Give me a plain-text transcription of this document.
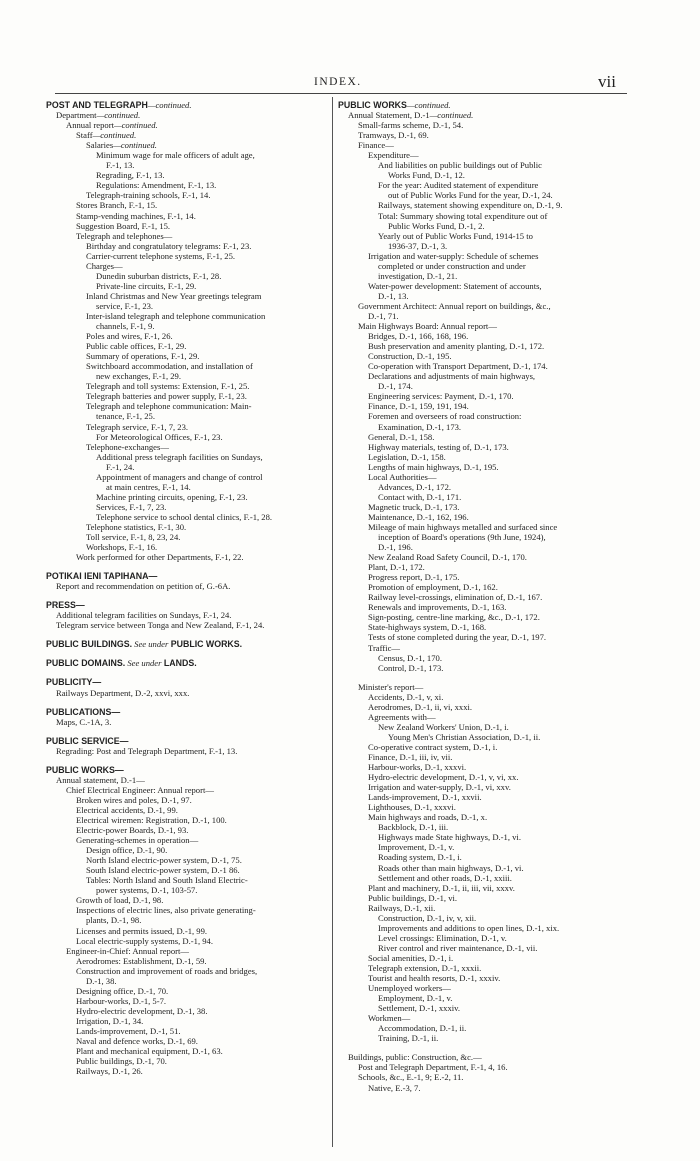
INDEX.	vii
POST AND TELEGRAPH—continued.
Department—continued.
Annual report—continued.
Staff—continued.
Salaries—continued.
Minimum wage for male officers of adult age,
F.-1, 13.
Regrading, F.-1, 13.
Regulations: Amendment, F.-1, 13.
Telegraph-training schools, F.-1, 14.
Stores Branch, F.-1, 15.
Stamp-vending machines, F.-1, 14.
Suggestion Board, F.-1, 15.
Telegraph and telephones—
Birthday and congratulatory telegrams: F.-1, 23.
Carrier-current telephone systems, F.-1, 25.
Charges—
Dunedin suburban districts, F.-1, 28.
Private-line circuits, F.-1, 29.
Inland Christmas and New Year greetings telegram
service, F.-1, 23.
Inter-island telegraph and telephone communication
channels, F.-1, 9.
Poles and wires, F.-1, 26.
Public cable offices, F.-1, 29.
Summary of operations, F.-1, 29.
Switchboard accommodation, and installation of
new exchanges, F.-1, 29.
Telegraph and toll systems: Extension, F.-1, 25.
Telegraph batteries and power supply, F.-1, 23.
Telegraph and telephone communication: Main-
tenance, F.-1, 25.
Telegraph service, F.-1, 7, 23.
For Meteorological Offices, F.-1, 23.
Telephone-exchanges—
Additional press telegraph facilities on Sundays,
F.-1, 24.
Appointment of managers and change of control
at main centres, F.-1, 14.
Machine printing circuits, opening, F.-1, 23.
Services, F.-1, 7, 23.
Telephone service to school dental clinics, F.-1, 28.
Telephone statistics, F.-1, 30.
Toll service, F.-1, 8, 23, 24.
Workshops, F.-1, 16.
Work performed for other Departments, F.-1, 22.
POTIKAI IENI TAPIHANA—
Report and recommendation on petition of, G.-6A.
PRESS—
Additional telegram facilities on Sundays, F.-1, 24.
Telegram service between Tonga and New Zealand, F.-1, 24.
PUBLIC BUILDINGS. See under PUBLIC WORKS.
PUBLIC DOMAINS. See under LANDS.
PUBLICITY—
Railways Department, D.-2, xxvi, xxx.
PUBLICATIONS—
Maps, C.-1A, 3.
PUBLIC SERVICE—
Regrading: Post and Telegraph Department, F.-1, 13.
PUBLIC WORKS—
Annual statement, D.-1—
Chief Electrical Engineer: Annual report—
Broken wires and poles, D.-1, 97.
Electrical accidents, D.-1, 99.
Electrical wiremen: Registration, D.-1, 100.
Electric-power Boards, D.-1, 93.
Generating-schemes in operation—
Design office, D.-1, 90.
North Island electric-power system, D.-1, 75.
South Island electric-power system, D.-1 86.
Tables: North Island and South Island Electric-
power systems, D.-1, 103-57.
Growth of load, D.-1, 98.
Inspections of electric lines, also private generating-
plants, D.-1, 98.
Licenses and permits issued, D.-1, 99.
Local electric-supply systems, D.-1, 94.
Engineer-in-Chief: Annual report—
Aerodromes: Establishment, D.-1, 59.
Construction and improvement of roads and bridges,
D.-1, 38.
Designing office, D.-1, 70.
Harbour-works, D.-1, 5-7.
Hydro-electric development, D.-1, 38.
Irrigation, D.-1, 34.
Lands-improvement, D.-1, 51.
Naval and defence works, D.-1, 69.
Plant and mechanical equipment, D.-1, 63.
Public buildings, D.-1, 70.
Railways, D.-1, 26.
PUBLIC WORKS—continued.
Annual Statement, D.-1—continued.
Small-farms scheme, D.-1, 54.
Tramways, D.-1, 69.
Finance—
Expenditure—
And liabilities on public buildings out of Public
Works Fund, D.-1, 12.
For the year: Audited statement of expenditure
out of Public Works Fund for the year, D.-1, 24.
Railways, statement showing expenditure on, D.-1, 9.
Total: Summary showing total expenditure out of
Public Works Fund, D.-1, 2.
Yearly out of Public Works Fund, 1914-15 to
1936-37, D.-1, 3.
Irrigation and water-supply: Schedule of schemes
completed or under construction and under
investigation, D.-1, 21.
Water-power development: Statement of accounts,
D.-1, 13.
Government Architect: Annual report on buildings, &c.,
D.-1, 71.
Main Highways Board: Annual report—
Bridges, D.-1, 166, 168, 196.
Bush preservation and amenity planting, D.-1, 172.
Construction, D.-1, 195.
Co-operation with Transport Department, D.-1, 174.
Declarations and adjustments of main highways,
D.-1, 174.
Engineering services: Payment, D.-1, 170.
Finance, D.-1, 159, 191, 194.
Foremen and overseers of road construction:
Examination, D.-1, 173.
General, D.-1, 158.
Highway materials, testing of, D.-1, 173.
Legislation, D.-1, 158.
Lengths of main highways, D.-1, 195.
Local Authorities—
Advances, D.-1, 172.
Contact with, D.-1, 171.
Magnetic truck, D.-1, 173.
Maintenance, D.-1, 162, 196.
Mileage of main highways metalled and surfaced since
inception of Board's operations (9th June, 1924),
D.-1, 196.
New Zealand Road Safety Council, D.-1, 170.
Plant, D.-1, 172.
Progress report, D.-1, 175.
Promotion of employment, D.-1, 162.
Railway level-crossings, elimination of, D.-1, 167.
Renewals and improvements, D.-1, 163.
Sign-posting, centre-line marking, &c., D.-1, 172.
State-highways system, D.-1, 168.
Tests of stone completed during the year, D.-1, 197.
Traffic—
Census, D.-1, 170.
Control, D.-1, 173.
Minister's report—
Accidents, D.-1, v, xi.
Aerodromes, D.-1, ii, vi, xxxi.
Agreements with—
New Zealand Workers' Union, D.-1, i.
Young Men's Christian Association, D.-1, ii.
Co-operative contract system, D.-1, i.
Finance, D.-1, iii, iv, vii.
Harbour-works, D.-1, xxxvi.
Hydro-electric development, D.-1, v, vi, xx.
Irrigation and water-supply, D.-1, vi, xxv.
Lands-improvement, D.-1, xxvii.
Lighthouses, D.-1, xxxvi.
Main highways and roads, D.-1, x.
Backblock, D.-1, iii.
Highways made State highways, D.-1, vi.
Improvement, D.-1, v.
Roading system, D.-1, i.
Roads other than main highways, D.-1, vi.
Settlement and other roads, D.-1, xxiii.
Plant and machinery, D.-1, ii, iii, vii, xxxv.
Public buildings, D.-1, vi.
Railways, D.-1, xii.
Construction, D.-1, iv, v, xii.
Improvements and additions to open lines, D.-1, xix.
Level crossings: Elimination, D.-1, v.
River control and river maintenance, D.-1, vii.
Social amenities, D.-1, i.
Telegraph extension, D.-1, xxxii.
Tourist and health resorts, D.-1, xxxiv.
Unemployed workers—
Employment, D.-1, v.
Settlement, D.-1, xxxiv.
Workmen—
Accommodation, D.-1, ii.
Training, D.-1, ii.
Buildings, public: Construction, &c.—
Post and Telegraph Department, F.-1, 4, 16.
Schools, &c., E.-1, 9; E.-2, 11.
Native, E.-3, 7.
